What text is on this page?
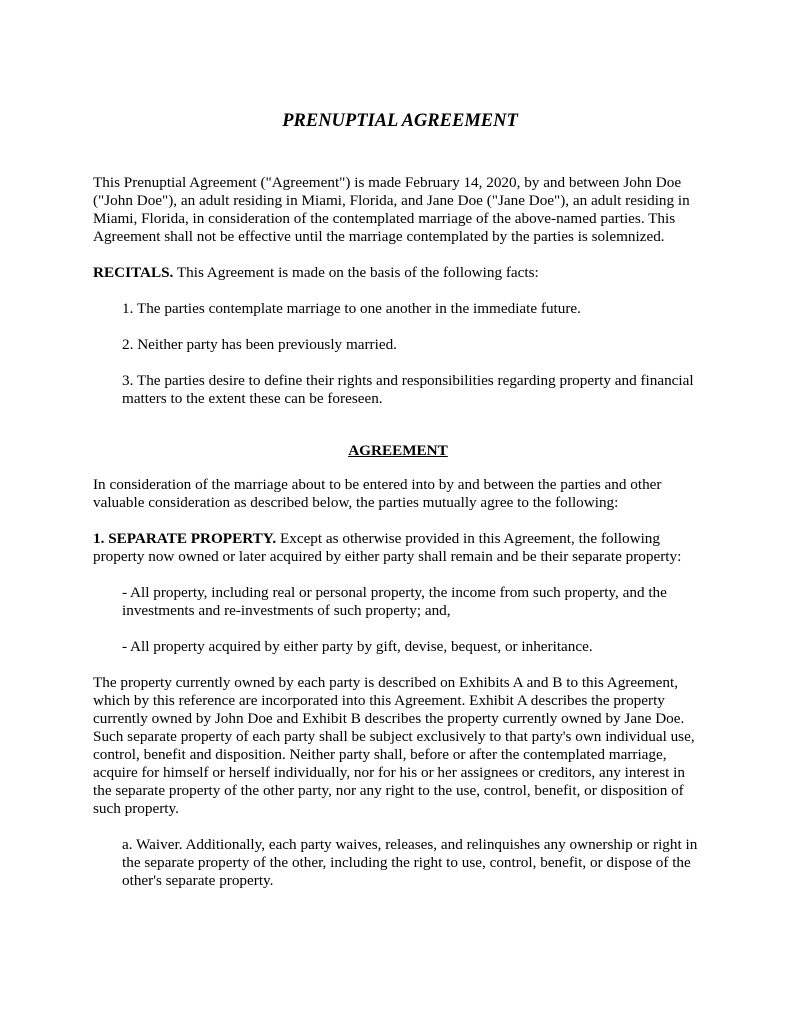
PRENUPTIAL AGREEMENT

This Prenuptial Agreement ("Agreement") is made February 14, 2020, by and between John Doe ("John Doe"), an adult residing in Miami, Florida, and Jane Doe ("Jane Doe"), an adult residing in Miami, Florida, in consideration of the contemplated marriage of the above-named parties. This Agreement shall not be effective until the marriage contemplated by the parties is solemnized.

RECITALS. This Agreement is made on the basis of the following facts:

1. The parties contemplate marriage to one another in the immediate future.

2. Neither party has been previously married.

3. The parties desire to define their rights and responsibilities regarding property and financial matters to the extent these can be foreseen.

AGREEMENT

In consideration of the marriage about to be entered into by and between the parties and other valuable consideration as described below, the parties mutually agree to the following:

1. SEPARATE PROPERTY. Except as otherwise provided in this Agreement, the following property now owned or later acquired by either party shall remain and be their separate property:

- All property, including real or personal property, the income from such property, and the investments and re-investments of such property; and,

- All property acquired by either party by gift, devise, bequest, or inheritance.

The property currently owned by each party is described on Exhibits A and B to this Agreement, which by this reference are incorporated into this Agreement. Exhibit A describes the property currently owned by John Doe and Exhibit B describes the property currently owned by Jane Doe. Such separate property of each party shall be subject exclusively to that party's own individual use, control, benefit and disposition. Neither party shall, before or after the contemplated marriage, acquire for himself or herself individually, nor for his or her assignees or creditors, any interest in the separate property of the other party, nor any right to the use, control, benefit, or disposition of such property.

a. Waiver. Additionally, each party waives, releases, and relinquishes any ownership or right in the separate property of the other, including the right to use, control, benefit, or dispose of the other's separate property.
